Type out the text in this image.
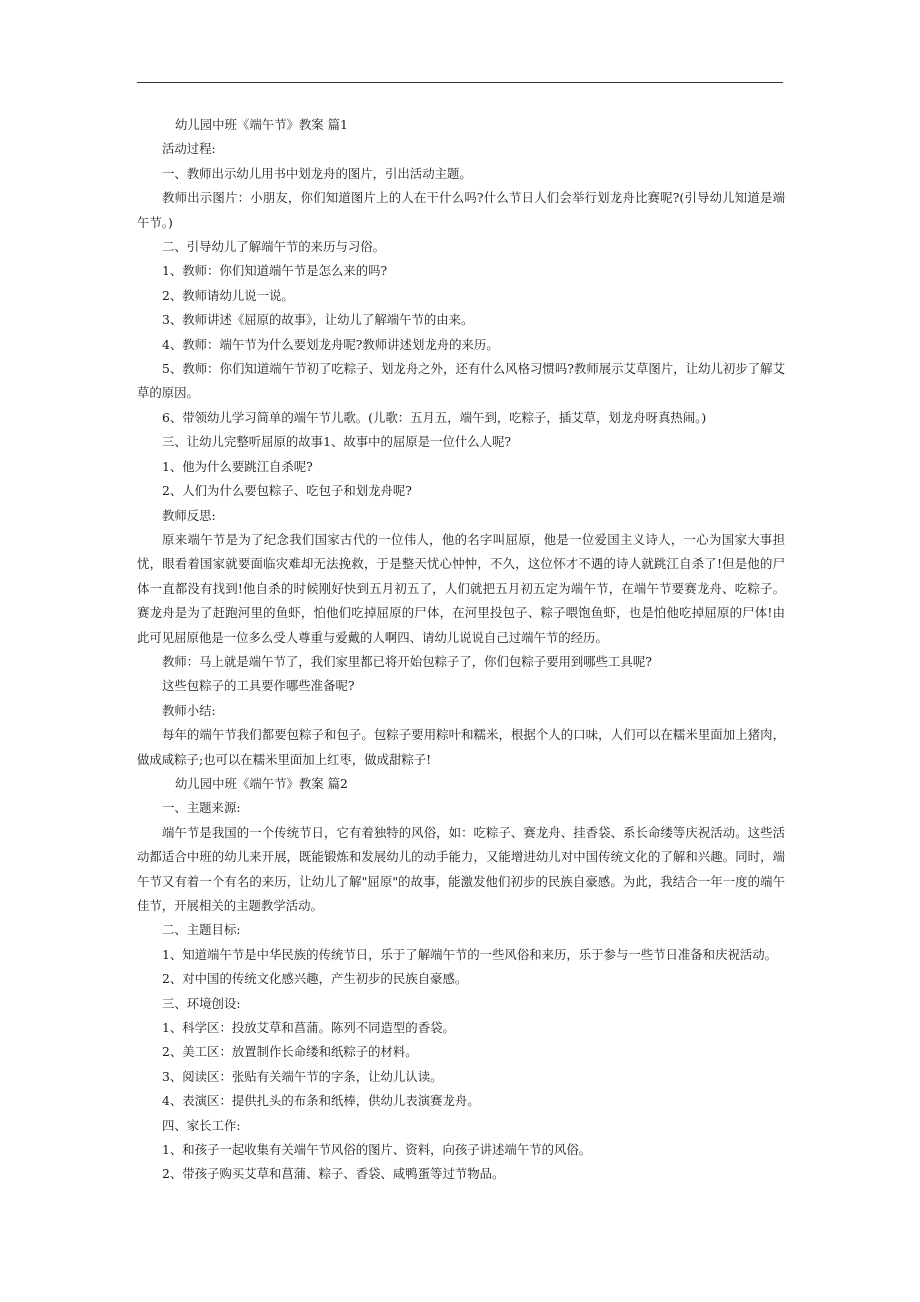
幼儿园中班《端午节》教案 篇1

活动过程:

一、教师出示幼儿用书中划龙舟的图片，引出活动主题。

教师出示图片：小朋友，你们知道图片上的人在干什么吗?什么节日人们会举行划龙舟比赛呢?(引导幼儿知道是端午节。)

二、引导幼儿了解端午节的来历与习俗。

1、教师：你们知道端午节是怎么来的吗?

2、教师请幼儿说一说。

3、教师讲述《屈原的故事》，让幼儿了解端午节的由来。

4、教师：端午节为什么要划龙舟呢?教师讲述划龙舟的来历。

5、教师：你们知道端午节初了吃粽子、划龙舟之外，还有什么风格习惯吗?教师展示艾草图片，让幼儿初步了解艾草的原因。

6、带领幼儿学习简单的端午节儿歌。(儿歌：五月五，端午到，吃粽子，插艾草，划龙舟呀真热闹。)

三、让幼儿完整听屈原的故事1、故事中的屈原是一位什么人呢?

1、他为什么要跳江自杀呢?

2、人们为什么要包粽子、吃包子和划龙舟呢?

教师反思:

原来端午节是为了纪念我们国家古代的一位伟人，他的名字叫屈原，他是一位爱国主义诗人，一心为国家大事担忧，眼看着国家就要面临灾难却无法挽救，于是整天忧心忡忡，不久，这位怀才不遇的诗人就跳江自杀了!但是他的尸体一直都没有找到!他自杀的时候刚好快到五月初五了，人们就把五月初五定为端午节，在端午节要赛龙舟、吃粽子。赛龙舟是为了赶跑河里的鱼虾，怕他们吃掉屈原的尸体，在河里投包子、粽子喂饱鱼虾，也是怕他吃掉屈原的尸体!由此可见屈原他是一位多么受人尊重与爱戴的人啊四、请幼儿说说自己过端午节的经历。

教师：马上就是端午节了，我们家里都已将开始包粽子了，你们包粽子要用到哪些工具呢?

这些包粽子的工具要作哪些准备呢?

教师小结:

每年的端午节我们都要包粽子和包子。包粽子要用粽叶和糯米，根据个人的口味，人们可以在糯米里面加上猪肉，做成咸粽子;也可以在糯米里面加上红枣，做成甜粽子!

幼儿园中班《端午节》教案 篇2

一、主题来源:

端午节是我国的一个传统节日，它有着独特的风俗，如：吃粽子、赛龙舟、挂香袋、系长命缕等庆祝活动。这些活动都适合中班的幼儿来开展，既能锻炼和发展幼儿的动手能力，又能增进幼儿对中国传统文化的了解和兴趣。同时，端午节又有着一个有名的来历，让幼儿了解"屈原"的故事，能激发他们初步的民族自豪感。为此，我结合一年一度的端午佳节，开展相关的主题教学活动。

二、主题目标:

1、知道端午节是中华民族的传统节日，乐于了解端午节的一些风俗和来历，乐于参与一些节日准备和庆祝活动。

2、对中国的传统文化感兴趣，产生初步的民族自豪感。

三、环境创设:

1、科学区：投放艾草和菖蒲。陈列不同造型的香袋。

2、美工区：放置制作长命缕和纸粽子的材料。

3、阅读区：张贴有关端午节的字条，让幼儿认读。

4、表演区：提供扎头的布条和纸棒，供幼儿表演赛龙舟。

四、家长工作:

1、和孩子一起收集有关端午节风俗的图片、资料，向孩子讲述端午节的风俗。

2、带孩子购买艾草和菖蒲、粽子、香袋、咸鸭蛋等过节物品。
